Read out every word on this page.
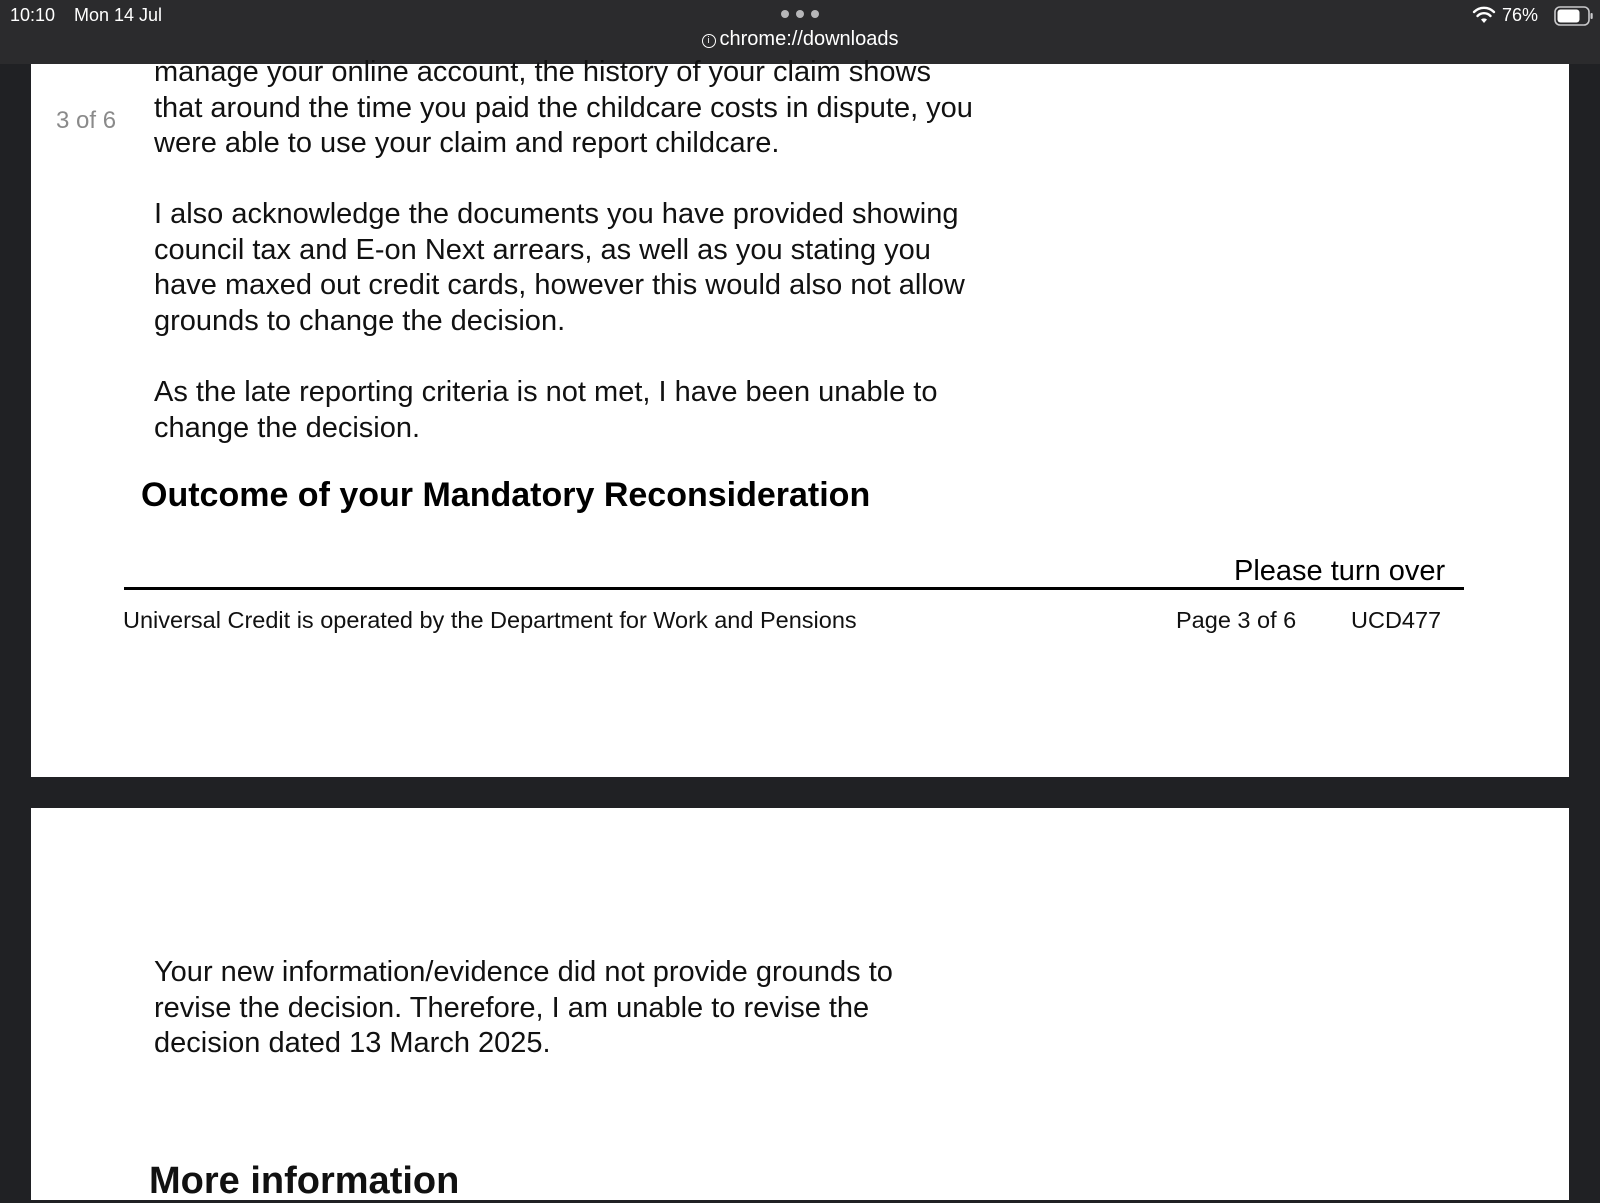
10:10 Mon 14 Jul	76%
i chrome://downloads
3 of 6

manage your online account, the history of your claim shows
that around the time you paid the childcare costs in dispute, you
were able to use your claim and report childcare.

I also acknowledge the documents you have provided showing
council tax and E-on Next arrears, as well as you stating you
have maxed out credit cards, however this would also not allow
grounds to change the decision.

As the late reporting criteria is not met, I have been unable to
change the decision.

Outcome of your Mandatory Reconsideration
Please turn over
Universal Credit is operated by the Department for Work and Pensions	Page 3 of 6 UCD477

Your new information/evidence did not provide grounds to
revise the decision. Therefore, I am unable to revise the
decision dated 13 March 2025.

More information
